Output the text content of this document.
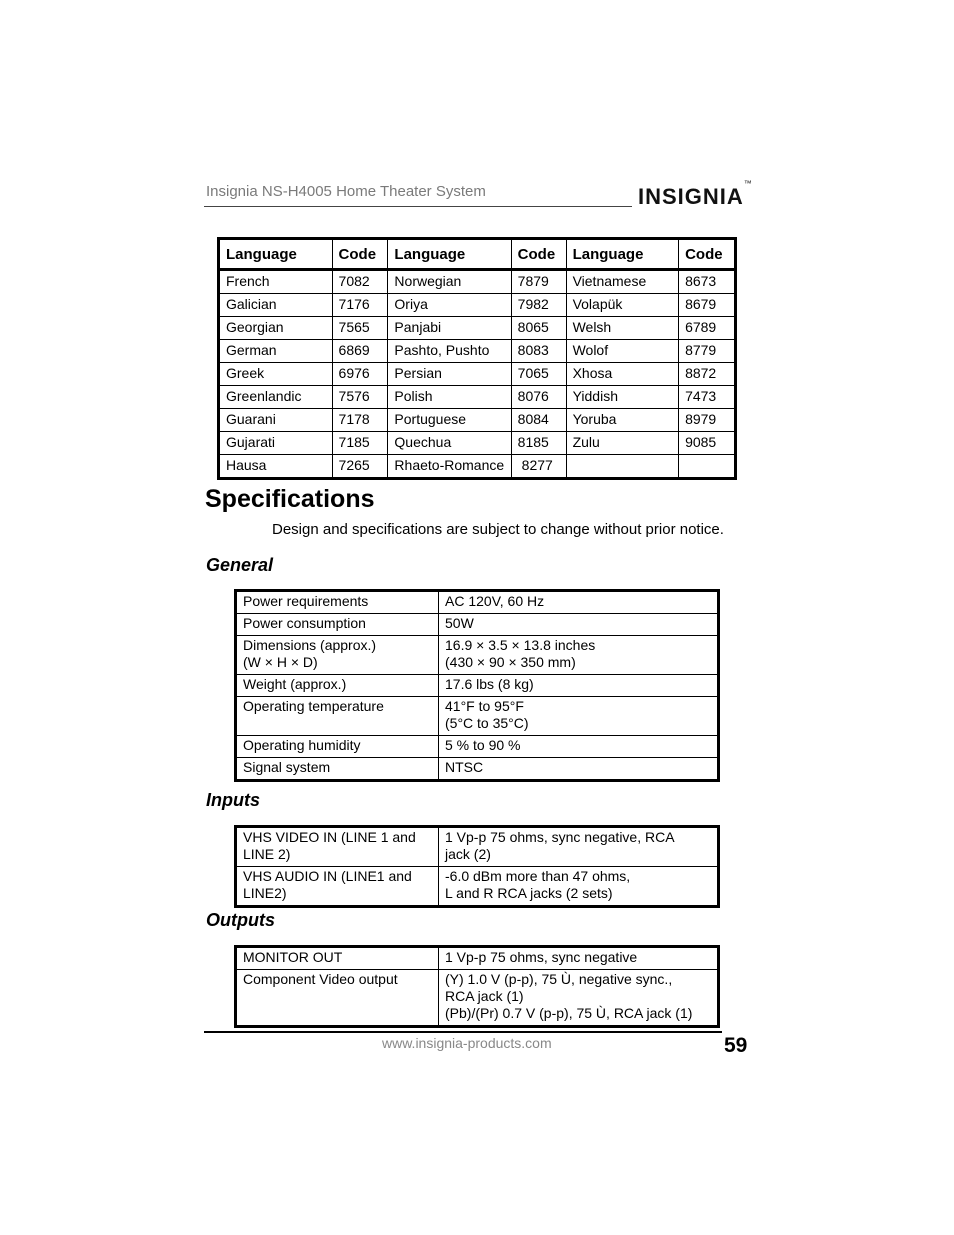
Insignia NS-H4005 Home Theater System	INSIGNIA™
Language	Code	Language	Code	Language	Code
French	7082	Norwegian	7879	Vietnamese	8673
Galician	7176	Oriya	7982	Volapük	8679
Georgian	7565	Panjabi	8065	Welsh	6789
German	6869	Pashto, Pushto	8083	Wolof	8779
Greek	6976	Persian	7065	Xhosa	8872
Greenlandic	7576	Polish	8076	Yiddish	7473
Guarani	7178	Portuguese	8084	Yoruba	8979
Gujarati	7185	Quechua	8185	Zulu	9085
Hausa	7265	Rhaeto-Romance	8277		
Specifications
Design and specifications are subject to change without prior notice.
General
Power requirements	AC 120V, 60 Hz

Power consumption	50W

Dimensions (approx.)
(W × H × D)	16.9 × 3.5 × 13.8 inches
(430 × 90 × 350 mm)

Weight (approx.)	17.6 lbs (8 kg)

Operating temperature	41°F to 95°F
(5°C to 35°C)

Operating humidity	5 % to 90 %

Signal system	NTSC
Inputs
VHS VIDEO IN (LINE 1 and
LINE 2)	1 Vp-p 75 ohms, sync negative, RCA
jack (2)

VHS AUDIO IN (LINE1 and
LINE2)	-6.0 dBm more than 47 ohms,
L and R RCA jacks (2 sets)
Outputs
MONITOR OUT	1 Vp-p 75 ohms, sync negative

Component Video output	(Y) 1.0 V (p-p), 75 Ù, negative sync.,
RCA jack (1)
(Pb)/(Pr) 0.7 V (p-p), 75 Ù, RCA jack (1)
www.insignia-products.com	59
